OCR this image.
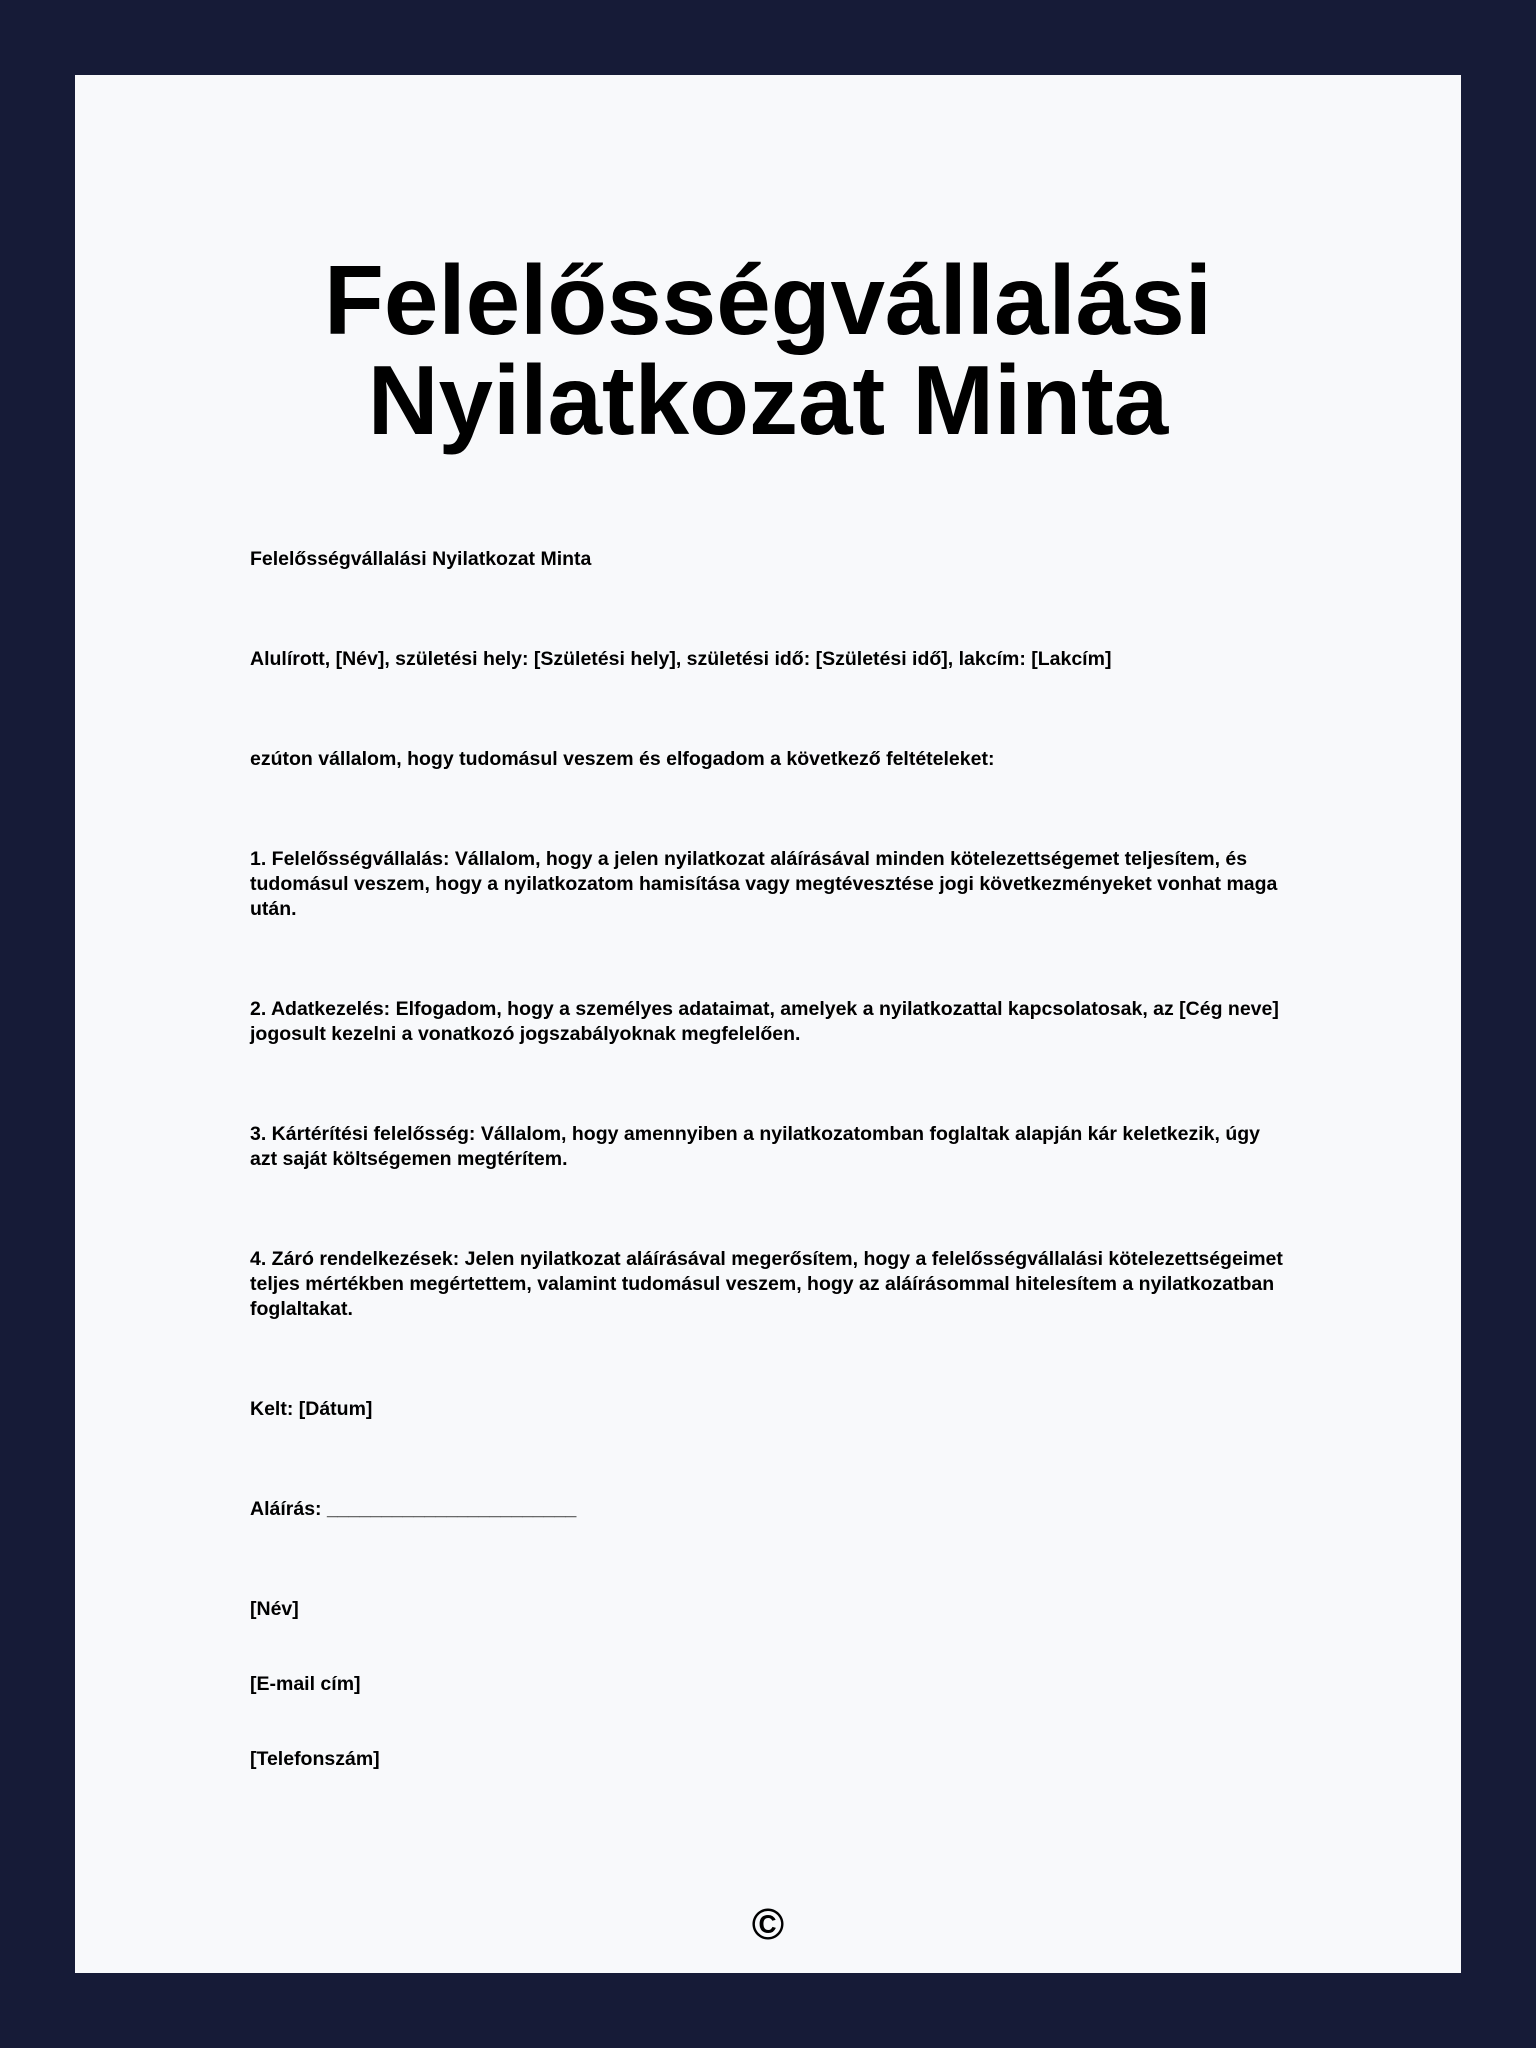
Felelősségvállalási
Nyilatkozat Minta

Felelősségvállalási Nyilatkozat Minta

Alulírott, [Név], születési hely: [Születési hely], születési idő: [Születési idő], lakcím: [Lakcím]

ezúton vállalom, hogy tudomásul veszem és elfogadom a következő feltételeket:

1. Felelősségvállalás: Vállalom, hogy a jelen nyilatkozat aláírásával minden kötelezettségemet teljesítem, és tudomásul veszem, hogy a nyilatkozatom hamisítása vagy megtévesztése jogi következményeket vonhat maga után.

2. Adatkezelés: Elfogadom, hogy a személyes adataimat, amelyek a nyilatkozattal kapcsolatosak, az [Cég neve] jogosult kezelni a vonatkozó jogszabályoknak megfelelően.

3. Kártérítési felelősség: Vállalom, hogy amennyiben a nyilatkozatomban foglaltak alapján kár keletkezik, úgy azt saját költségemen megtérítem.

4. Záró rendelkezések: Jelen nyilatkozat aláírásával megerősítem, hogy a felelősségvállalási kötelezettségeimet teljes mértékben megértettem, valamint tudomásul veszem, hogy az aláírásommal hitelesítem a nyilatkozatban foglaltakat.

Kelt: [Dátum]

Aláírás: _______________________

[Név]

[E-mail cím]

[Telefonszám]

©
